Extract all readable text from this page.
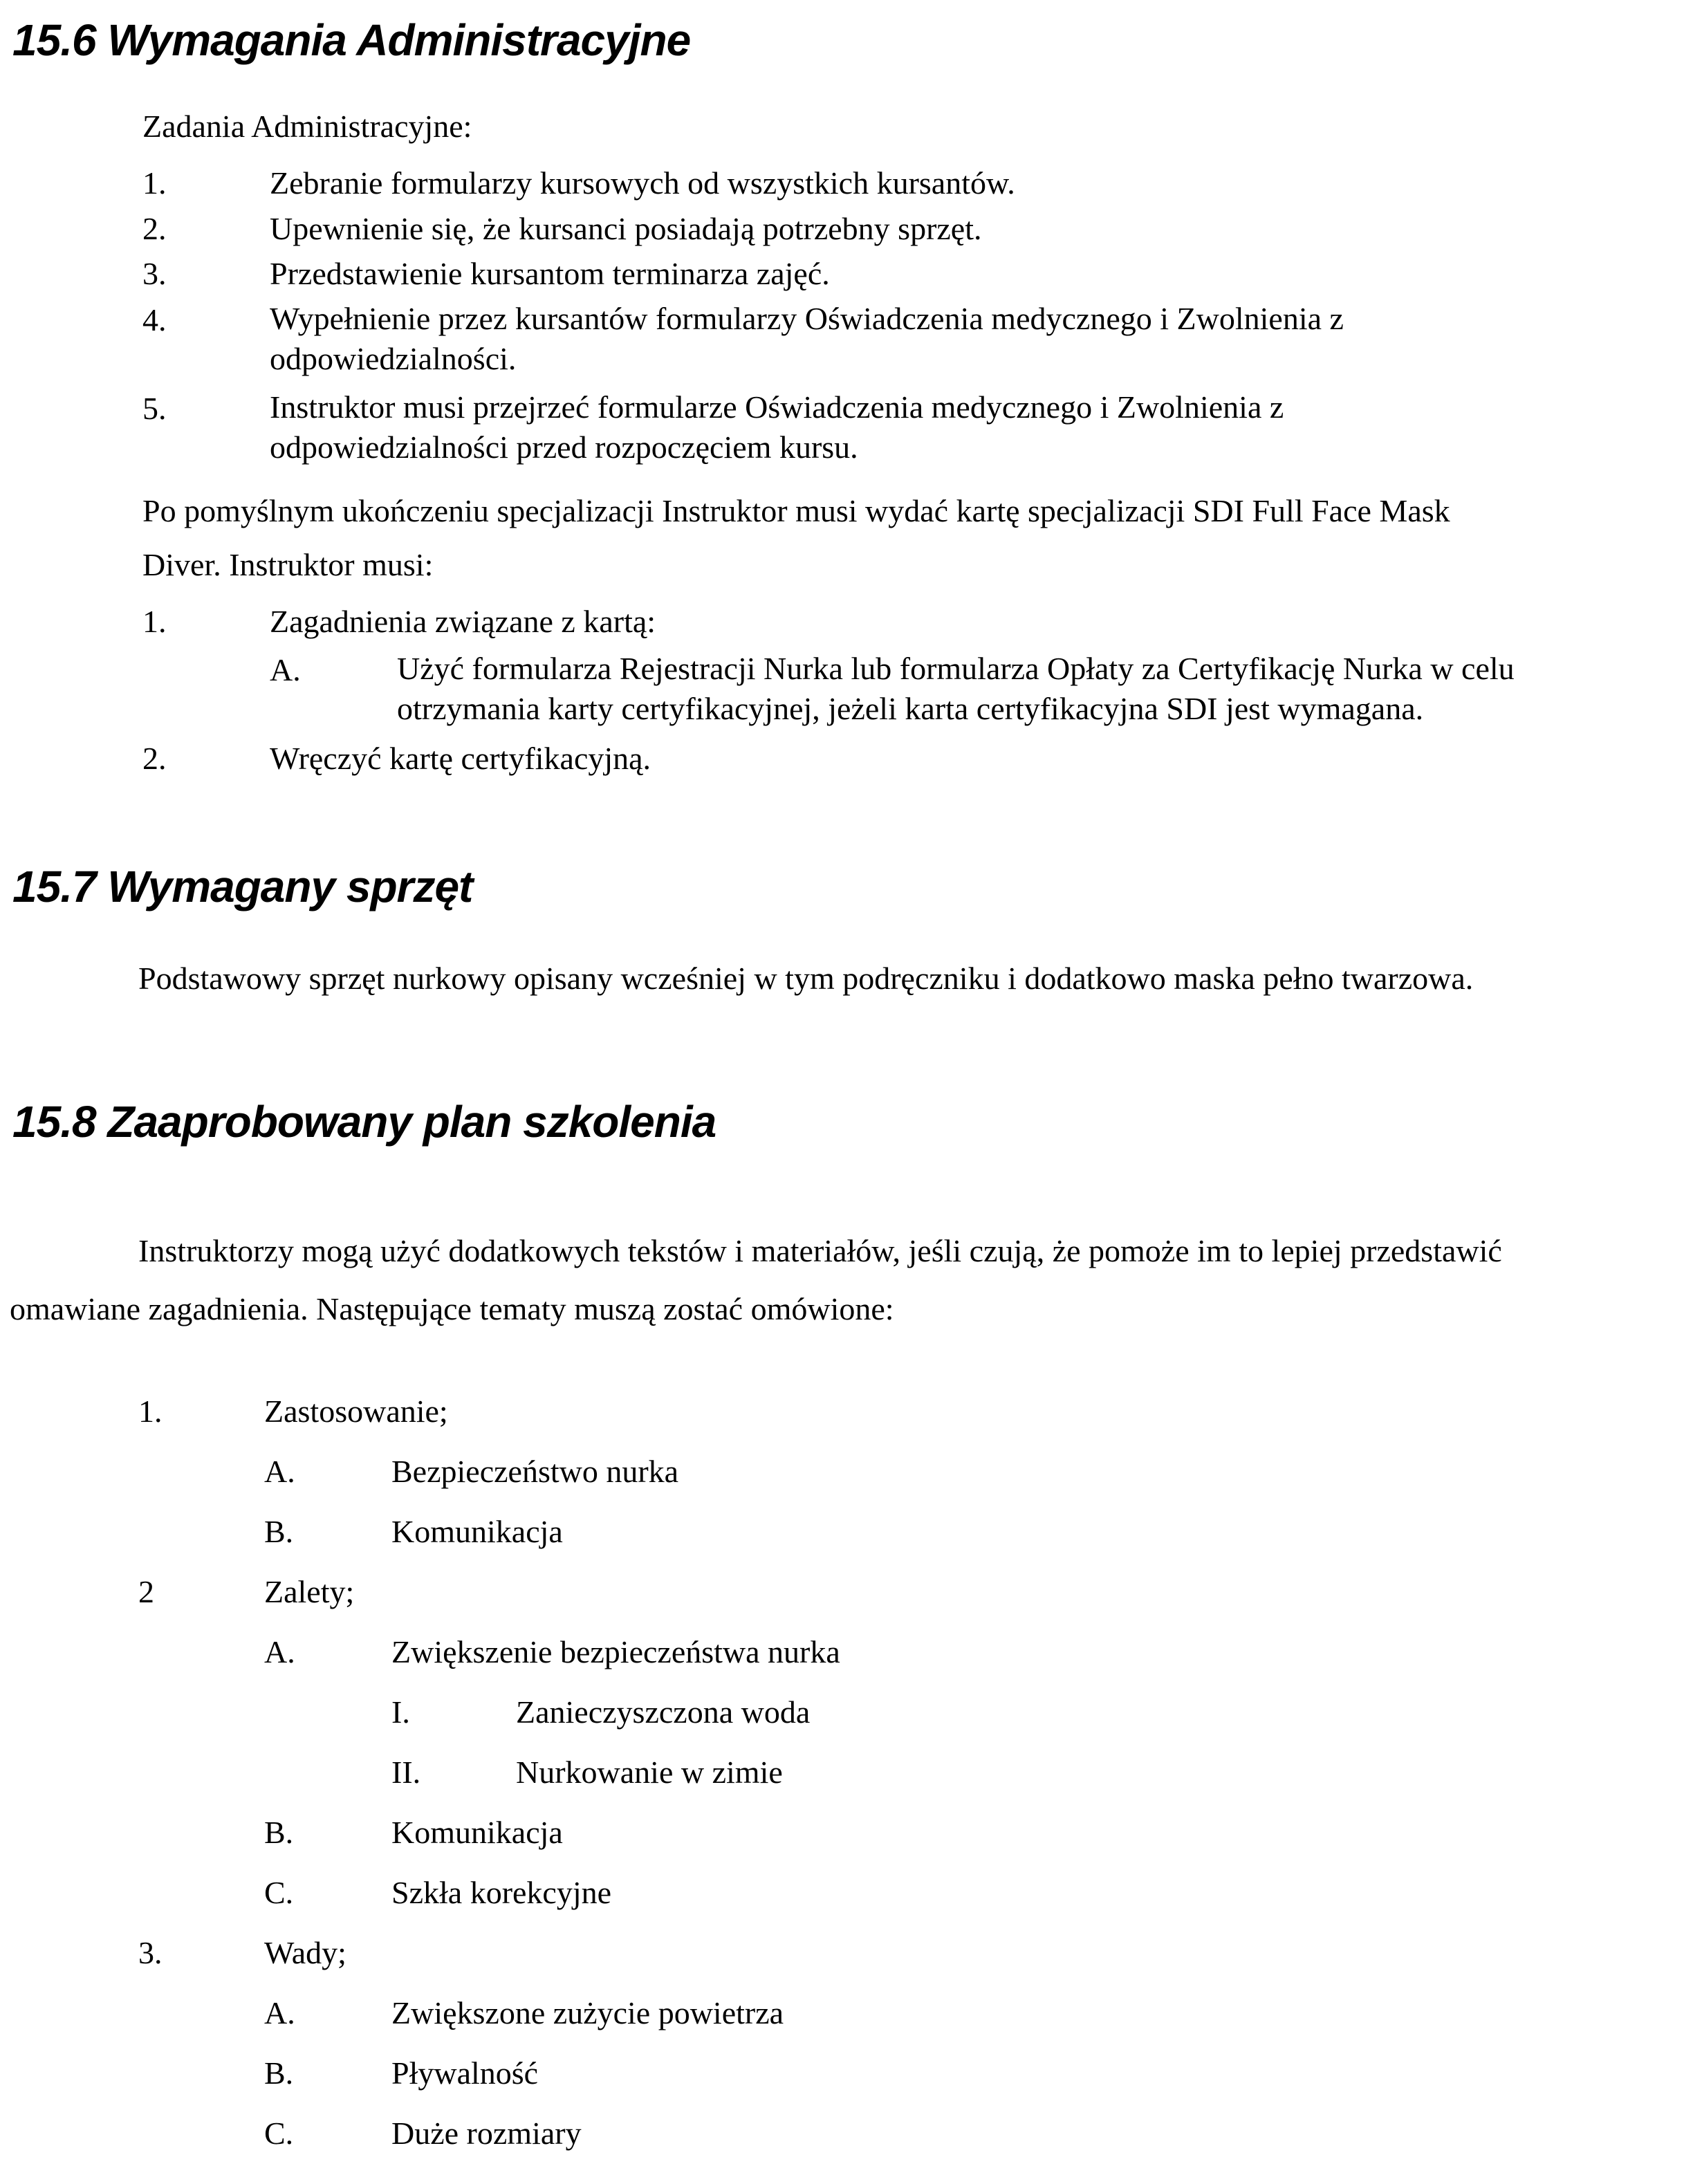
15.6 Wymagania Administracyjne
Zadania Administracyjne:
1.	Zebranie formularzy kursowych od wszystkich kursantów.
2.	Upewnienie się, że kursanci posiadają potrzebny sprzęt.
3.	Przedstawienie kursantom terminarza zajęć.
4.	Wypełnienie przez kursantów formularzy Oświadczenia medycznego i Zwolnienia z odpowiedzialności.
5.	Instruktor musi przejrzeć formularze Oświadczenia medycznego i Zwolnienia z odpowiedzialności przed rozpoczęciem kursu.
Po pomyślnym ukończeniu specjalizacji Instruktor musi wydać kartę specjalizacji SDI Full Face Mask
Diver. Instruktor musi:
1.	Zagadnienia związane z kartą:
A.	Użyć formularza Rejestracji Nurka lub formularza Opłaty za Certyfikację Nurka w celu otrzymania karty certyfikacyjnej, jeżeli karta certyfikacyjna SDI jest wymagana.
2.	Wręczyć kartę certyfikacyjną.
15.7 Wymagany sprzęt
Podstawowy sprzęt nurkowy opisany wcześniej w tym podręczniku i dodatkowo maska pełno twarzowa.
15.8 Zaaprobowany plan szkolenia
Instruktorzy mogą użyć dodatkowych tekstów i materiałów, jeśli czują, że pomoże im to lepiej przedstawić
omawiane zagadnienia. Następujące tematy muszą zostać omówione:
1.	Zastosowanie;
A.	Bezpieczeństwo nurka
B.	Komunikacja
2	Zalety;
A.	Zwiększenie bezpieczeństwa nurka
I.	Zanieczyszczona woda
II.	Nurkowanie w zimie
B.	Komunikacja
C.	Szkła korekcyjne
3.	Wady;
A.	Zwiększone zużycie powietrza
B.	Pływalność
C.	Duże rozmiary
